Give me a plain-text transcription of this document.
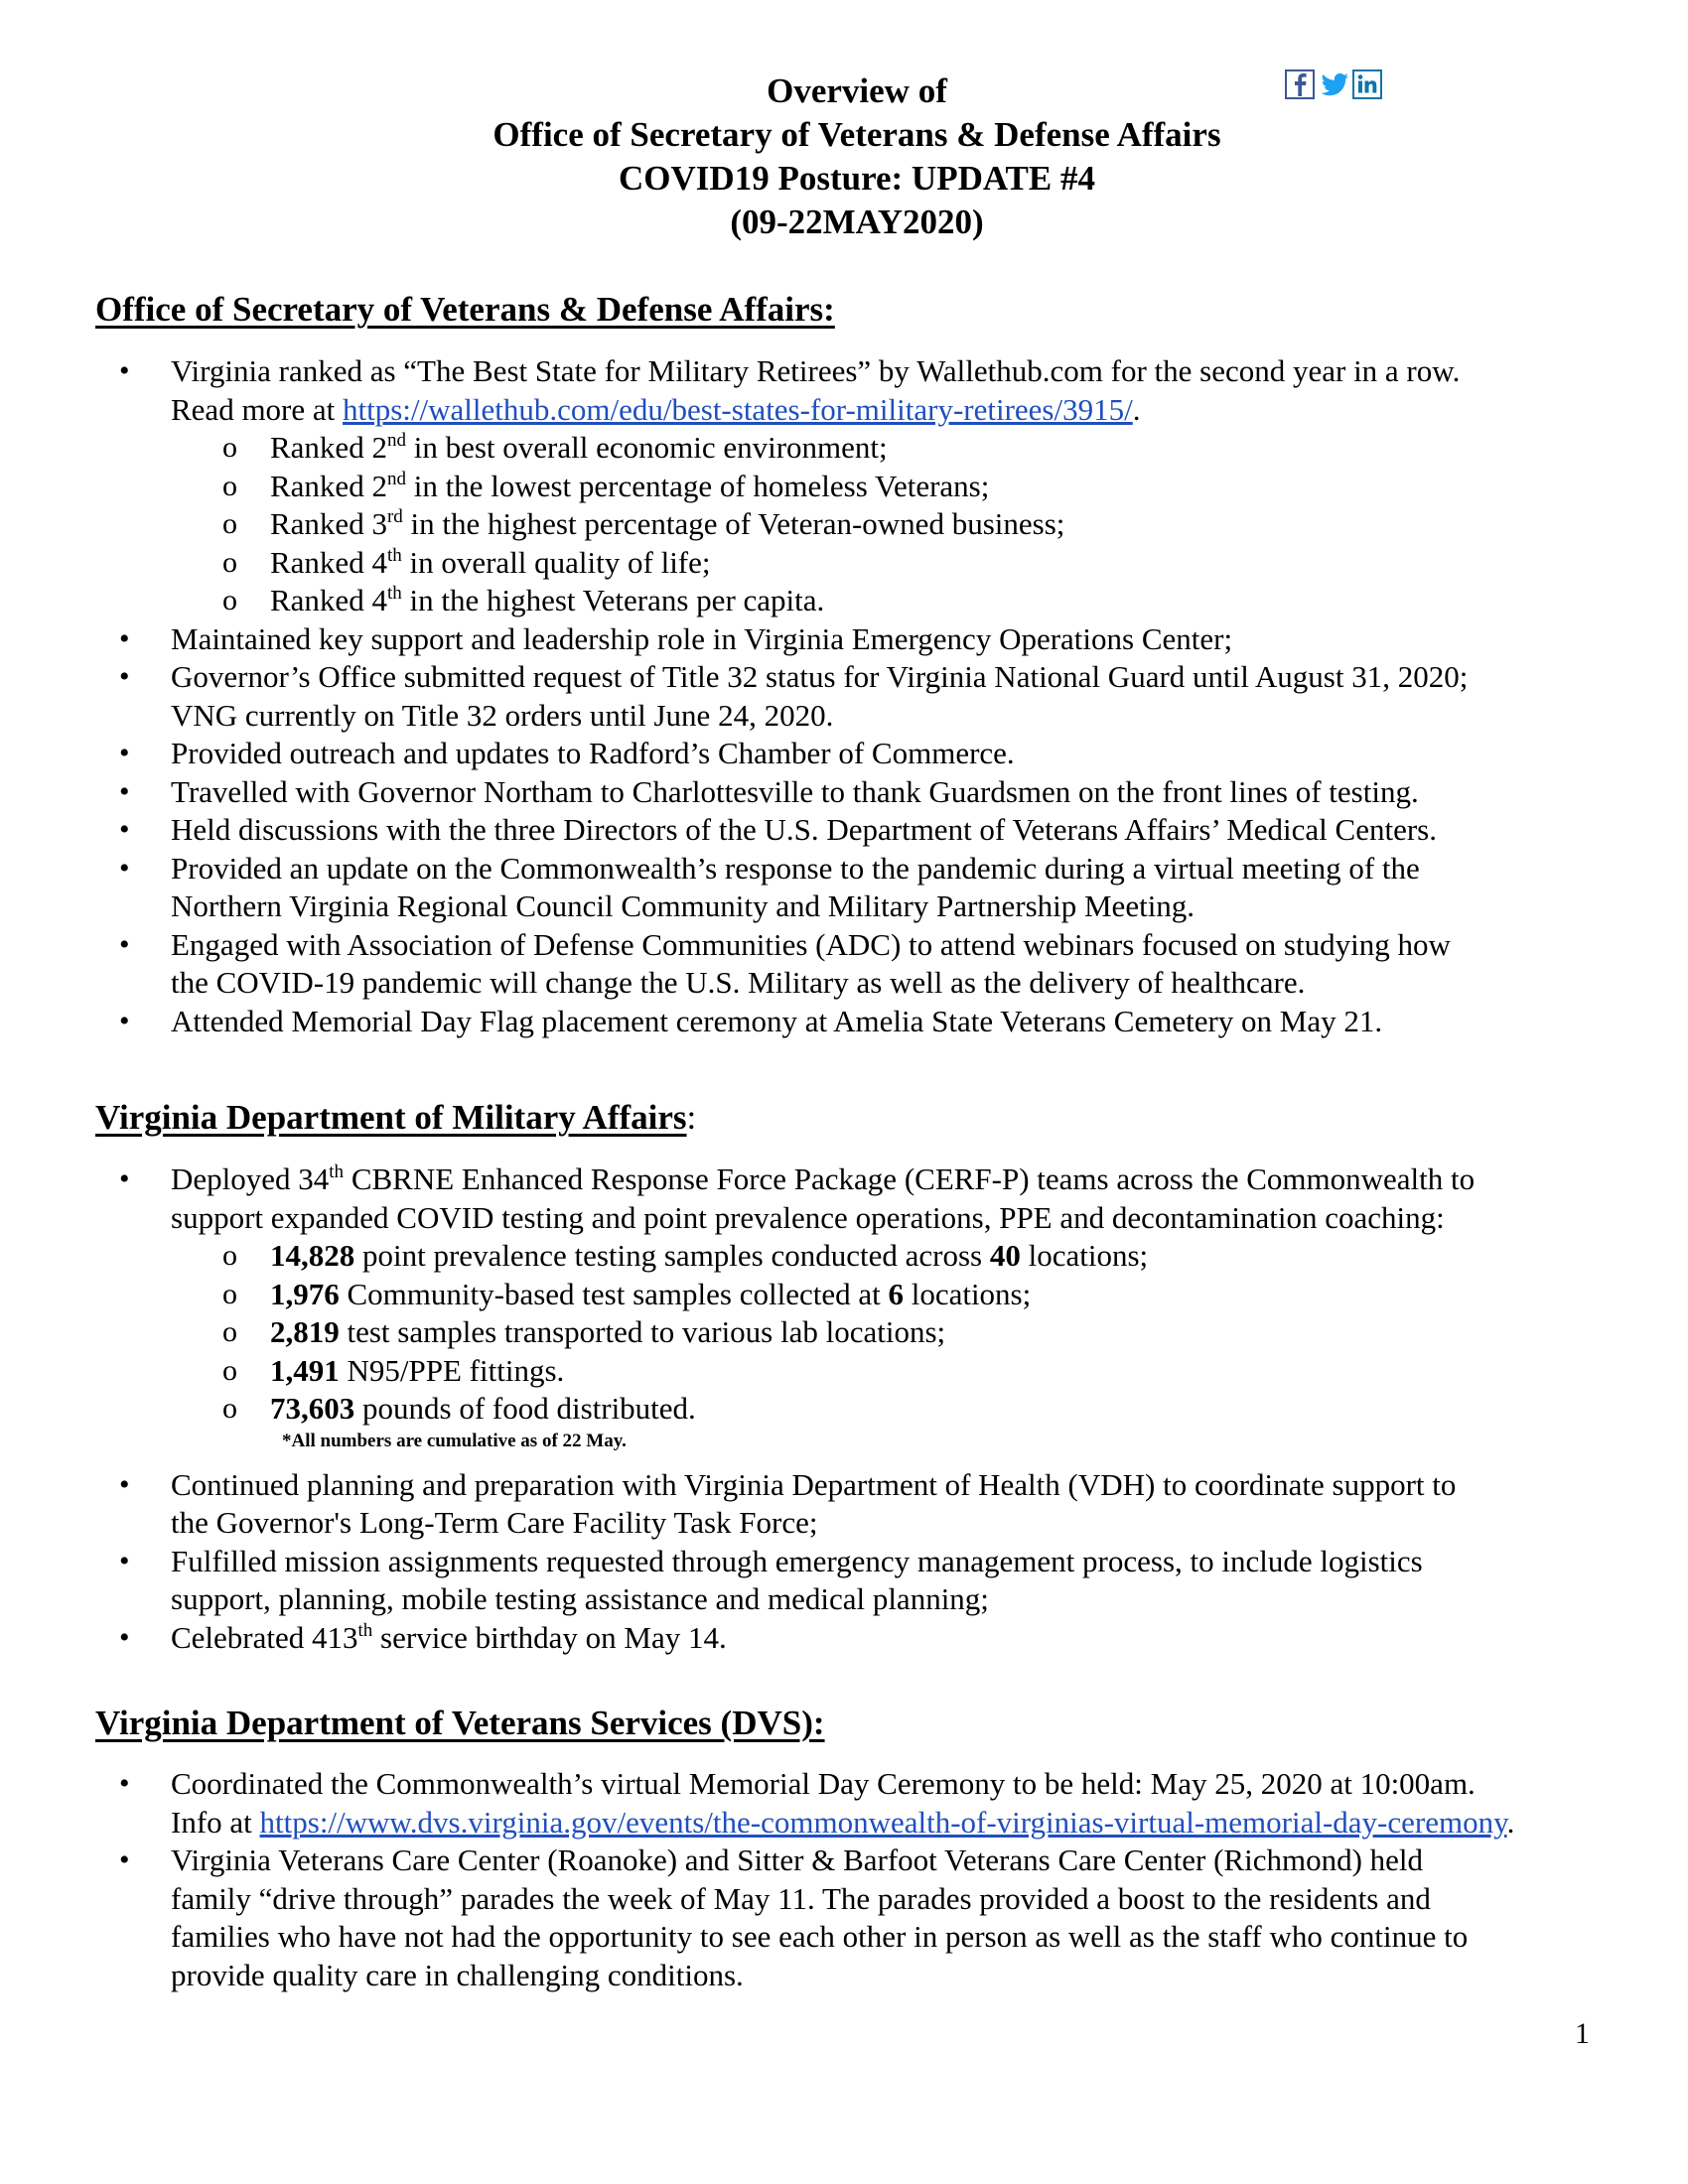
Overview of
Office of Secretary of Veterans & Defense Affairs
COVID19 Posture: UPDATE #4
(09-22MAY2020)
Office of Secretary of Veterans & Defense Affairs:
• Virginia ranked as “The Best State for Military Retirees” by Wallethub.com for the second year in a row.
Read more at https://wallethub.com/edu/best-states-for-military-retirees/3915/.
o Ranked 2nd in best overall economic environment;
o Ranked 2nd in the lowest percentage of homeless Veterans;
o Ranked 3rd in the highest percentage of Veteran-owned business;
o Ranked 4th in overall quality of life;
o Ranked 4th in the highest Veterans per capita.
• Maintained key support and leadership role in Virginia Emergency Operations Center;
• Governor’s Office submitted request of Title 32 status for Virginia National Guard until August 31, 2020;
VNG currently on Title 32 orders until June 24, 2020.
• Provided outreach and updates to Radford’s Chamber of Commerce.
• Travelled with Governor Northam to Charlottesville to thank Guardsmen on the front lines of testing.
• Held discussions with the three Directors of the U.S. Department of Veterans Affairs’ Medical Centers.
• Provided an update on the Commonwealth’s response to the pandemic during a virtual meeting of the
Northern Virginia Regional Council Community and Military Partnership Meeting.
• Engaged with Association of Defense Communities (ADC) to attend webinars focused on studying how
the COVID-19 pandemic will change the U.S. Military as well as the delivery of healthcare.
• Attended Memorial Day Flag placement ceremony at Amelia State Veterans Cemetery on May 21.
Virginia Department of Military Affairs:
• Deployed 34th CBRNE Enhanced Response Force Package (CERF-P) teams across the Commonwealth to
support expanded COVID testing and point prevalence operations, PPE and decontamination coaching:
o 14,828 point prevalence testing samples conducted across 40 locations;
o 1,976 Community-based test samples collected at 6 locations;
o 2,819 test samples transported to various lab locations;
o 1,491 N95/PPE fittings.
o 73,603 pounds of food distributed.
*All numbers are cumulative as of 22 May.
• Continued planning and preparation with Virginia Department of Health (VDH) to coordinate support to
the Governor's Long-Term Care Facility Task Force;
• Fulfilled mission assignments requested through emergency management process, to include logistics
support, planning, mobile testing assistance and medical planning;
• Celebrated 413th service birthday on May 14.
Virginia Department of Veterans Services (DVS):
• Coordinated the Commonwealth’s virtual Memorial Day Ceremony to be held: May 25, 2020 at 10:00am.
Info at https://www.dvs.virginia.gov/events/the-commonwealth-of-virginias-virtual-memorial-day-ceremony.
• Virginia Veterans Care Center (Roanoke) and Sitter & Barfoot Veterans Care Center (Richmond) held
family “drive through” parades the week of May 11. The parades provided a boost to the residents and
families who have not had the opportunity to see each other in person as well as the staff who continue to
provide quality care in challenging conditions.
1
